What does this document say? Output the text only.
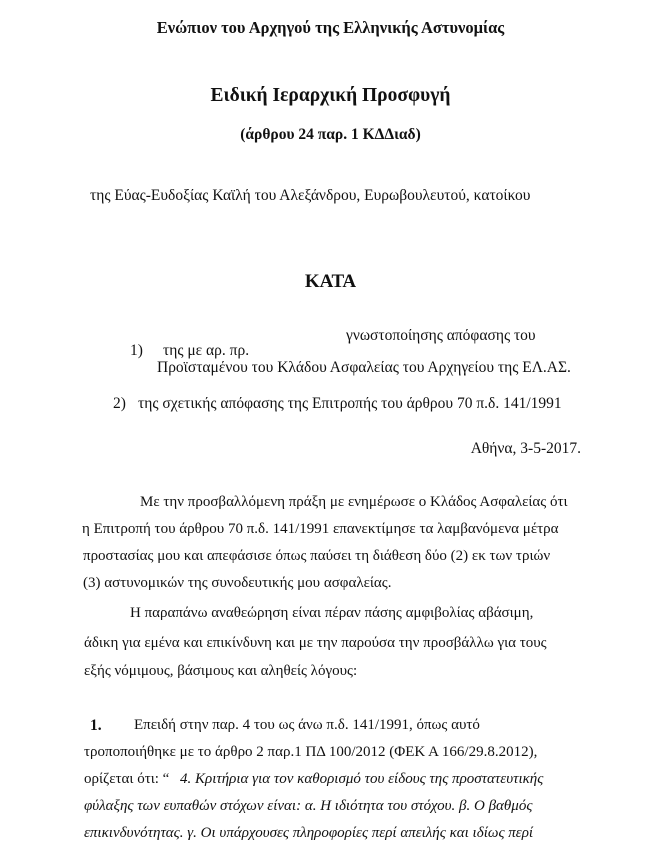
Ενώπιον του Αρχηγού της Ελληνικής Αστυνομίας
Ειδική Ιεραρχική Προσφυγή
(άρθρου 24 παρ. 1 ΚΔΔιαδ)
της Εύας-Ευδοξίας Καϊλή του Αλεξάνδρου, Ευρωβουλευτού, κατοίκου
ΚΑΤΑ
1) της με αρ. πρ.
γνωστοποίησης απόφασης του
Προϊσταμένου του Κλάδου Ασφαλείας του Αρχηγείου της ΕΛ.ΑΣ.
2) της σχετικής απόφασης της Επιτροπής του άρθρου 70 π.δ. 141/1991
Αθήνα, 3-5-2017.
Με την προσβαλλόμενη πράξη με ενημέρωσε ο Κλάδος Ασφαλείας ότι
η Επιτροπή του άρθρου 70 π.δ. 141/1991 επανεκτίμησε τα λαμβανόμενα μέτρα
προστασίας μου και απεφάσισε όπως παύσει τη διάθεση δύο (2) εκ των τριών
(3) αστυνομικών της συνοδευτικής μου ασφαλείας.
Η παραπάνω αναθεώρηση είναι πέραν πάσης αμφιβολίας αβάσιμη,
άδικη για εμένα και επικίνδυνη και με την παρούσα την προσβάλλω για τους
εξής νόμιμους, βάσιμους και αληθείς λόγους:
1. Επειδή στην παρ. 4 του ως άνω π.δ. 141/1991, όπως αυτό
τροποποιήθηκε με το άρθρο 2 παρ.1 ΠΔ 100/2012 (ΦΕΚ Α 166/29.8.2012),
ορίζεται ότι: “ 4. Κριτήρια για τον καθορισμό του είδους της προστατευτικής
φύλαξης των ευπαθών στόχων είναι: α. Η ιδιότητα του στόχου. β. Ο βαθμός
επικινδυνότητας. γ. Οι υπάρχουσες πληροφορίες περί απειλής και ιδίως περί
